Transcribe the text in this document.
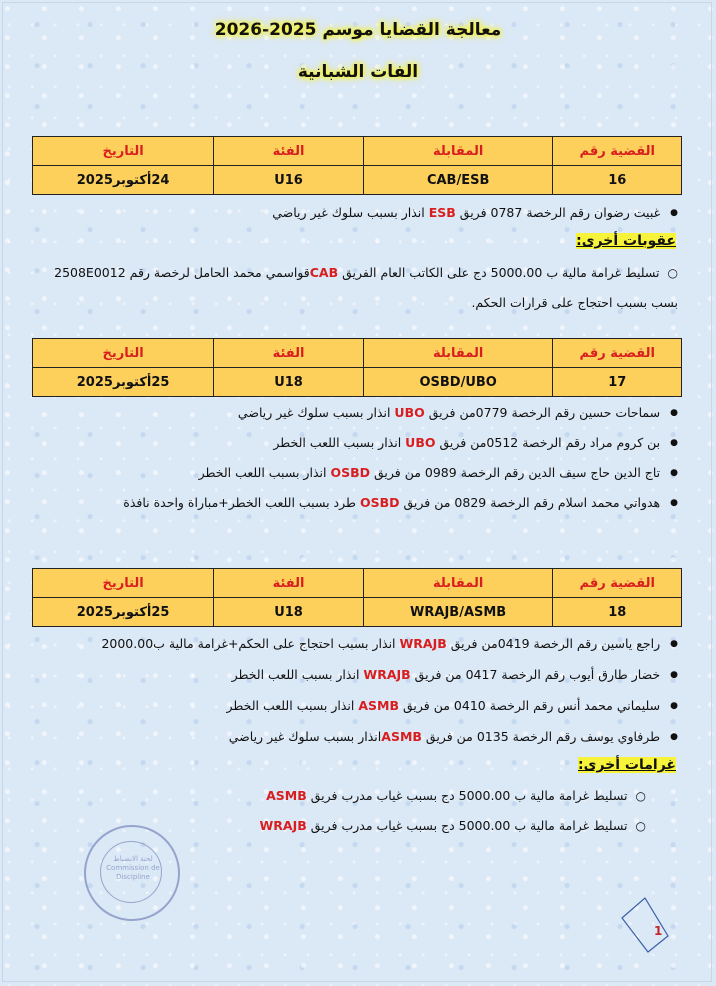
معالجة القضايا موسم 2025-2026
الفات الشبانية
القضية رقم	المقابلة	الفئة	التاريخ
16	CAB/ESB	U16	24أكتوبر2025
● غبيت رضوان رقم الرخصة 0787 فريق ESB انذار بسبب سلوك غير رياضي
عقوبات أخرى:
○ تسليط غرامة مالية ب 5000.00 دج على الكاتب العام الفريق CABقواسمي محمد الحامل لرخصة رقم 2508E0012 بسب بسبب احتجاج على قرارات الحكم.
القضية رقم	المقابلة	الفئة	التاريخ
17	OSBD/UBO	U18	25أكتوبر2025
● سماحات حسين رقم الرخصة 0779من فريق UBO انذار بسبب سلوك غير رياضي
● بن كروم مراد رقم الرخصة 0512من فريق UBO انذار بسبب اللعب الخطر
● تاج الدين حاج سيف الدين رقم الرخصة 0989 من فريق OSBD انذار بسبب اللعب الخطر
● هدواتي محمد اسلام رقم الرخصة 0829 من فريق OSBD طرد بسبب اللعب الخطر+مباراة واحدة نافذة
القضية رقم	المقابلة	الفئة	التاريخ
18	WRAJB/ASMB	U18	25أكتوبر2025
● راجع ياسين رقم الرخصة 0419من فريق WRAJB انذار بسبب احتجاج على الحكم+غرامة مالية ب2000.00
● خضار طارق أيوب رقم الرخصة 0417 من فريق WRAJB انذار بسبب اللعب الخطر
● سليماني محمد أنس رقم الرخصة 0410 من فريق ASMB انذار بسبب اللعب الخطر
● طرفاوي يوسف رقم الرخصة 0135 من فريق ASMBانذار بسبب سلوك غير رياضي
غرامات أخرى:
○ تسليط غرامة مالية ب 5000.00 دج بسبب غياب مدرب فريق ASMB
○ تسليط غرامة مالية ب 5000.00 دج بسبب غياب مدرب فريق WRAJB
لجنة الانضباط Commission de Discipline
1
